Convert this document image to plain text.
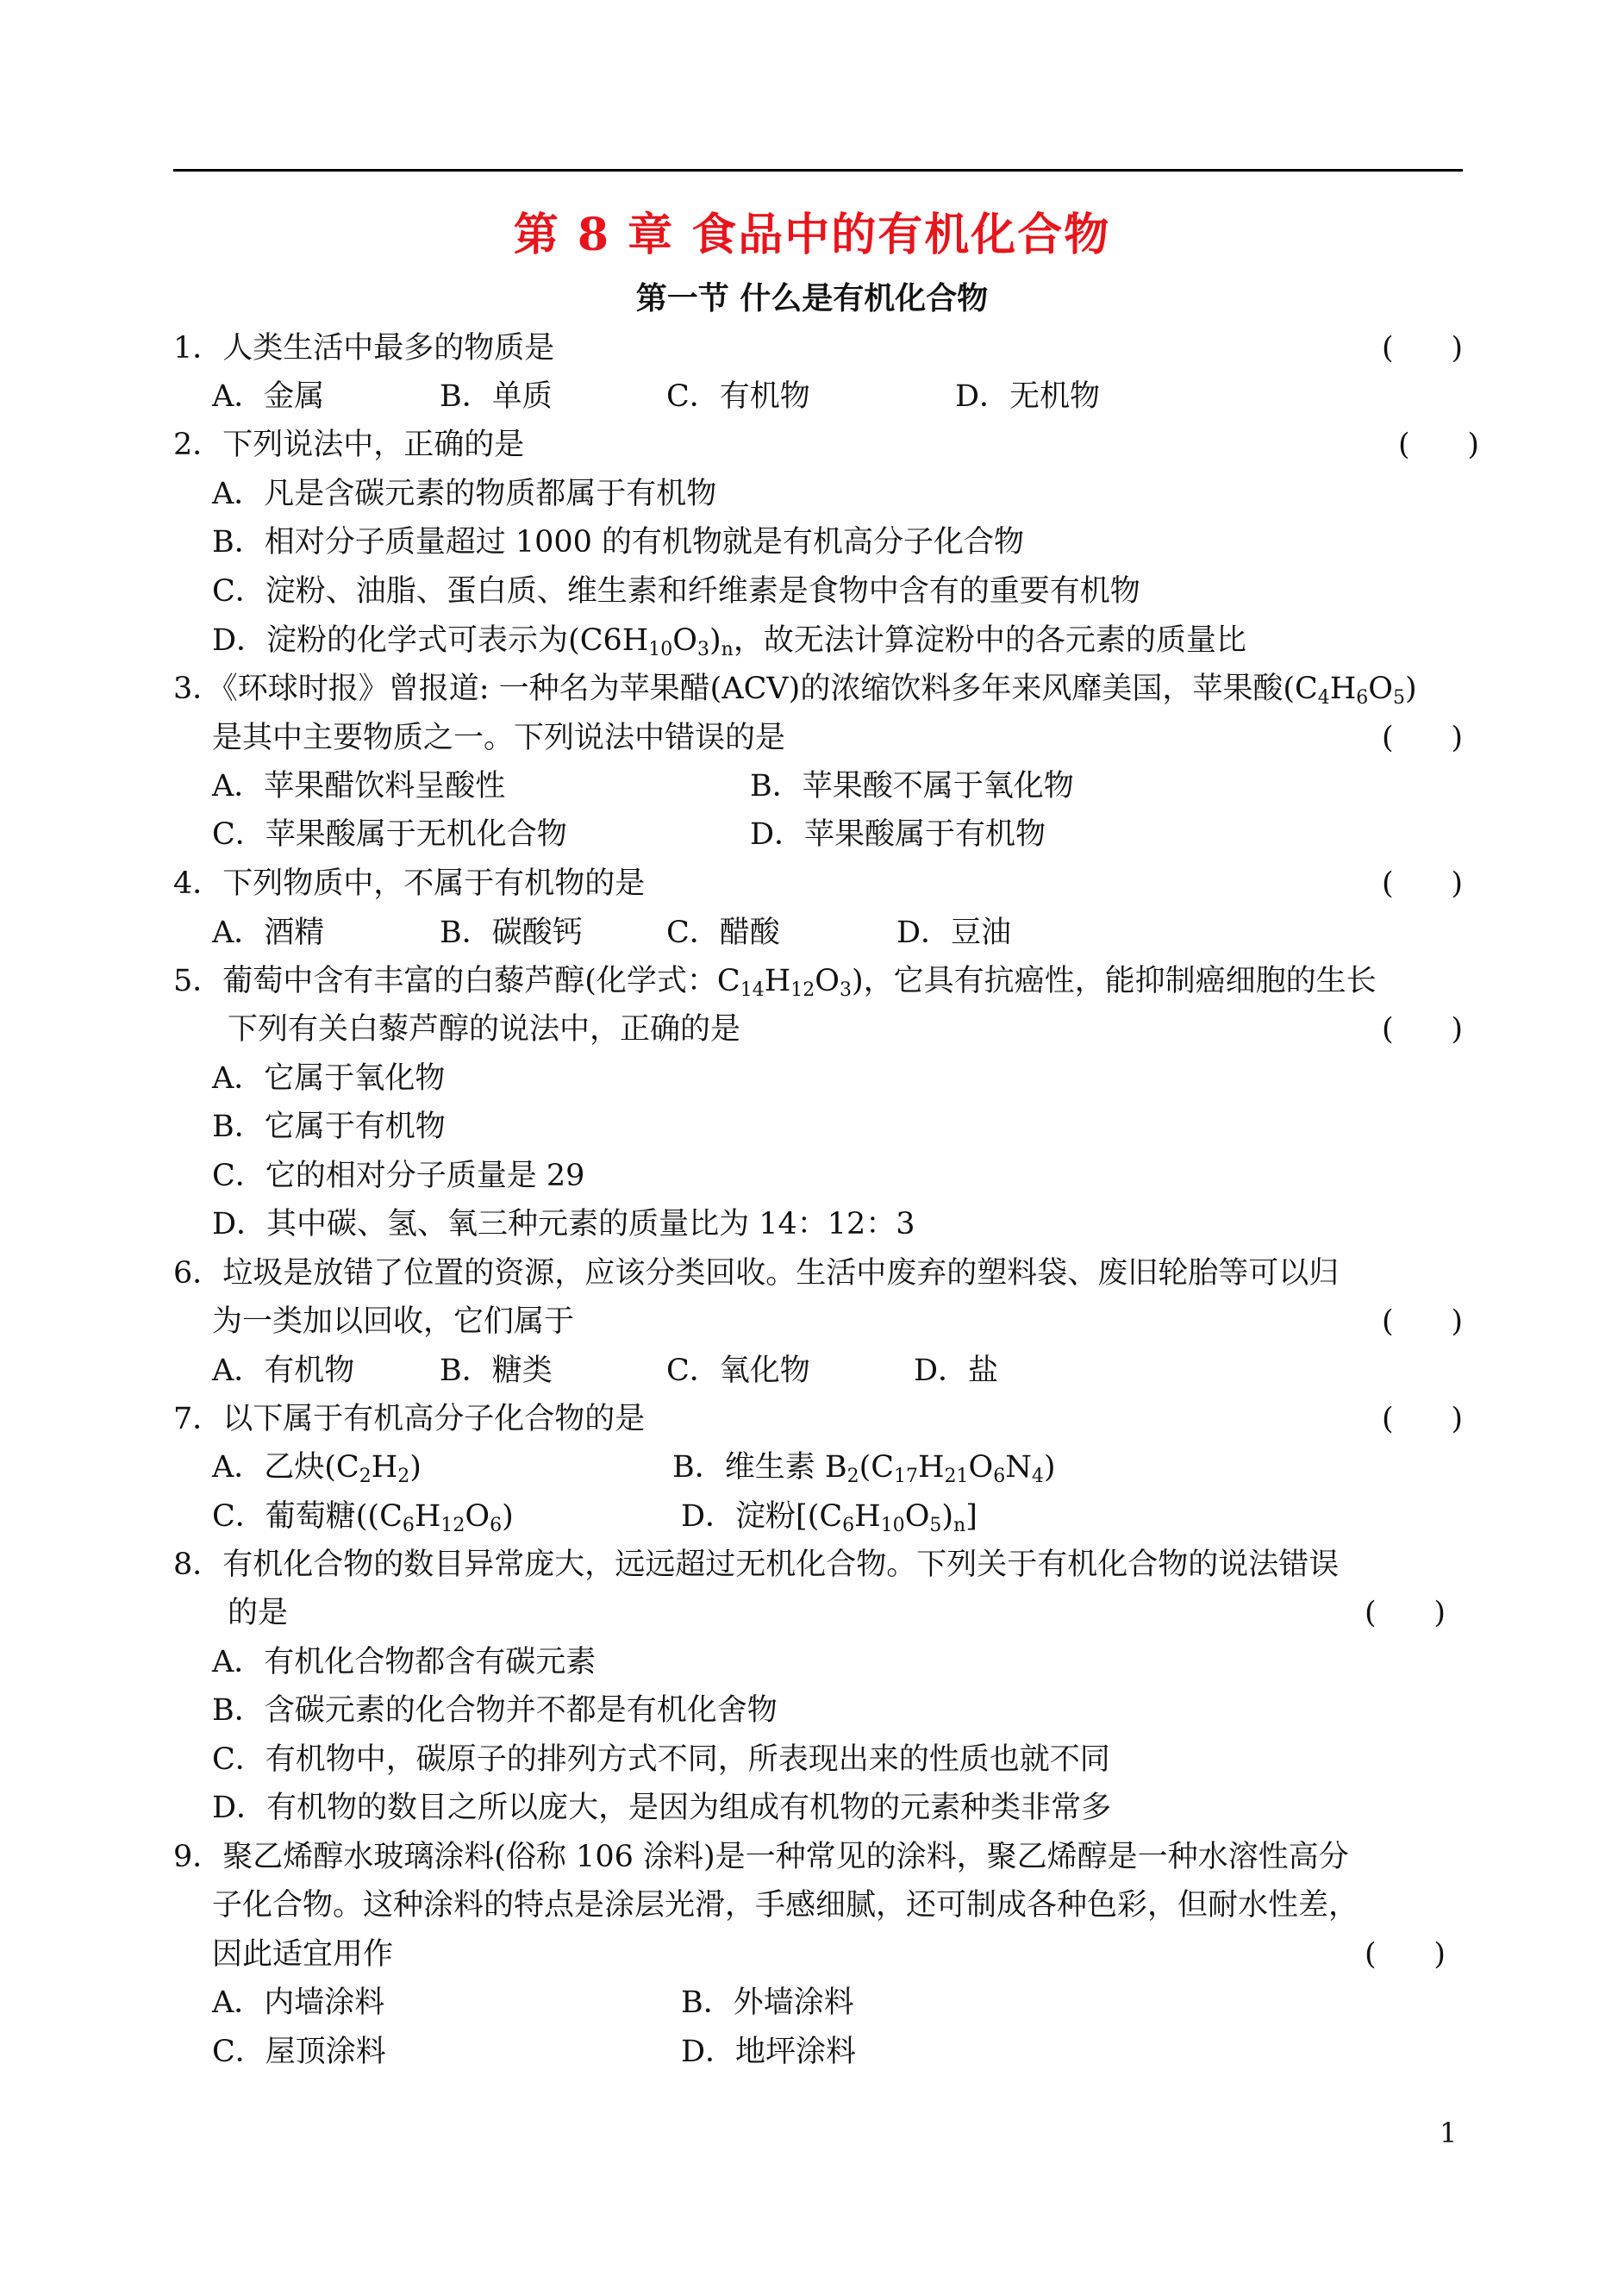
第 8 章 食品中的有机化合物
第一节 什么是有机化合物
1．人类生活中最多的物质是	(      )
A．金属	B．单质	C．有机物	D．无机物
2．下列说法中，正确的是	(      )
A．凡是含碳元素的物质都属于有机物
B．相对分子质量超过 1000 的有机物就是有机高分子化合物
C．淀粉、油脂、蛋白质、维生素和纤维素是食物中含有的重要有机物
D．淀粉的化学式可表示为$(C6H_{10}O_3)_n$，故无法计算淀粉中的各元素的质量比
3．《环球时报》曾报道: 一种名为苹果醋(ACV)的浓缩饮料多年来风靡美国，苹果酸$(C_4H_6O_5)$
是其中主要物质之一。下列说法中错误的是	(      )
A．苹果醋饮料呈酸性	B．苹果酸不属于氧化物
C．苹果酸属于无机化合物	D．苹果酸属于有机物
4．下列物质中，不属于有机物的是	(      )
A．酒精	B．碳酸钙	C．醋酸	D．豆油
5．葡萄中含有丰富的白藜芦醇(化学式：$C_{14}H_{12}O_3$)，它具有抗癌性，能抑制癌细胞的生长
下列有关白藜芦醇的说法中，正确的是	(      )
A．它属于氧化物
B．它属于有机物
C．它的相对分子质量是 29
D．其中碳、氢、氧三种元素的质量比为 14：12：3
6．垃圾是放错了位置的资源，应该分类回收。生活中废弃的塑料袋、废旧轮胎等可以归
为一类加以回收，它们属于	(      )
A．有机物	B．糖类	C．氧化物	D．盐
7．以下属于有机高分子化合物的是	(      )
A．乙炔$(C_2H_2)$	B．维生素 $B_2(C_{17}H_{21}O_6N_4)$
C．葡萄糖($(C_6H_{12}O_6)$	D．淀粉$[(C_6H_{10}O_5)_n]$
8．有机化合物的数目异常庞大，远远超过无机化合物。下列关于有机化合物的说法错误
的是	(      )
A．有机化合物都含有碳元素
B．含碳元素的化合物并不都是有机化舍物
C．有机物中，碳原子的排列方式不同，所表现出来的性质也就不同
D．有机物的数目之所以庞大，是因为组成有机物的元素种类非常多
9．聚乙烯醇水玻璃涂料(俗称 106 涂料)是一种常见的涂料，聚乙烯醇是一种水溶性高分
子化合物。这种涂料的特点是涂层光滑，手感细腻，还可制成各种色彩，但耐水性差，
因此适宜用作	(      )
A．内墙涂料	B．外墙涂料
C．屋顶涂料	D．地坪涂料
1
